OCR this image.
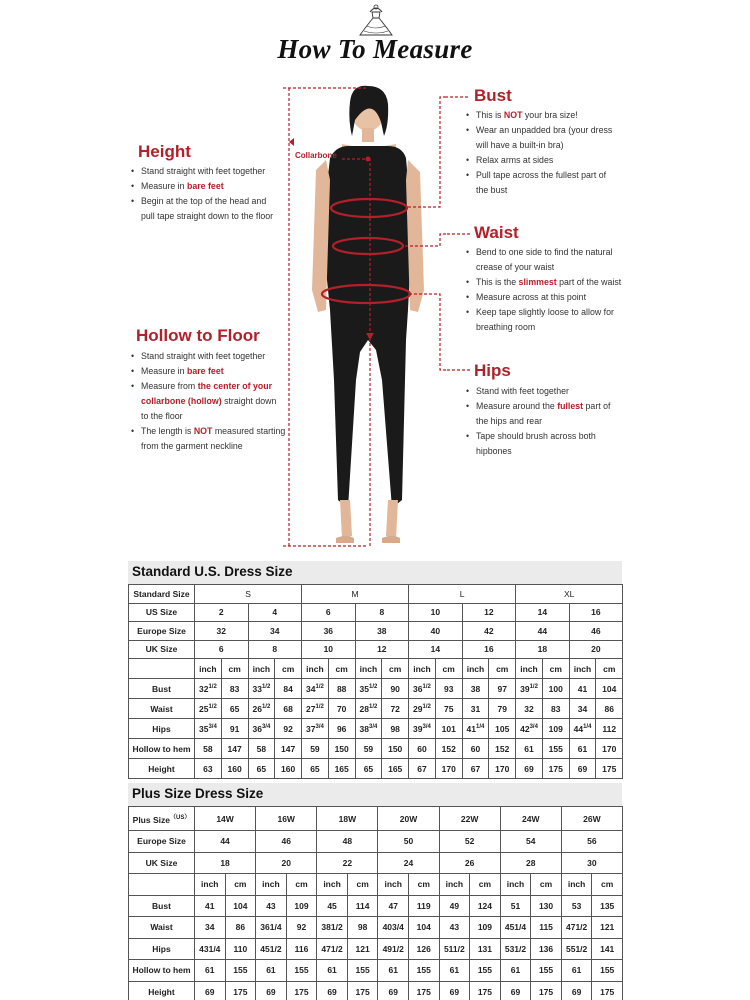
How To Measure
Collarbone
Height
• Stand straight with feet together
• Measure in bare feet
• Begin at the top of the head and
pull tape straight down to the floor
Hollow to Floor
• Stand straight with feet together
• Measure in bare feet
• Measure from the center of your
collarbone (hollow) straight down
to the floor
• The length is NOT measured starting
from the garment neckline
Bust
• This is NOT your bra size!
• Wear an unpadded bra (your dress
will have a built-in bra)
• Relax arms at sides
• Pull tape across the fullest part of
the bust
Waist
• Bend to one side to find the natural
crease of your waist
• This is the slimmest part of the waist
• Measure across at this point
• Keep tape slightly loose to allow for
breathing room
Hips
• Stand with feet together
• Measure around the fullest part of
the hips and rear
• Tape should brush across both
hipbones
Standard U.S. Dress Size
Standard Size	S				M				L				XL			
US Size	2		4		6		8		10		12		14		16	
Europe Size	32		34		36		38		40		42		44		46	
UK Size	6		8		10		12		14		16		18		20	
	inch	cm	inch	cm	inch	cm	inch	cm	inch	cm	inch	cm	inch	cm	inch	cm
Bust	$32^{1/2}$	83	$33^{1/2}$	84	$34^{1/2}$	88	$35^{1/2}$	90	$36^{1/2}$	93	38	97	$39^{1/2}$	100	41	104
Waist	$25^{1/2}$	65	$26^{1/2}$	68	$27^{1/2}$	70	$28^{1/2}$	72	$29^{1/2}$	75	31	79	32	83	34	86
Hips	$35^{3/4}$	91	$36^{3/4}$	92	$37^{3/4}$	96	$38^{3/4}$	98	$39^{3/4}$	101	$41^{1/4}$	105	$42^{3/4}$	109	$44^{1/4}$	112
Hollow to hem	58	147	58	147	59	150	59	150	60	152	60	152	61	155	61	170
Height	63	160	65	160	65	165	65	165	67	170	67	170	69	175	69	175
Plus Size Dress Size
Plus Size$^{(US)}$	14W		16W		18W		20W		22W		24W		26W	
Europe Size	44		46		48		50		52		54		56	
UK Size	18		20		22		24		26		28		30	
	inch	cm	inch	cm	inch	cm	inch	cm	inch	cm	inch	cm	inch	cm
Bust	41	104	43	109	45	114	47	119	49	124	51	130	53	135
Waist	34	86	361/4	92	381/2	98	403/4	104	43	109	451/4	115	471/2	121
Hips	431/4	110	451/2	116	471/2	121	491/2	126	511/2	131	531/2	136	551/2	141
Hollow to hem	61	155	61	155	61	155	61	155	61	155	61	155	61	155
Height	69	175	69	175	69	175	69	175	69	175	69	175	69	175
